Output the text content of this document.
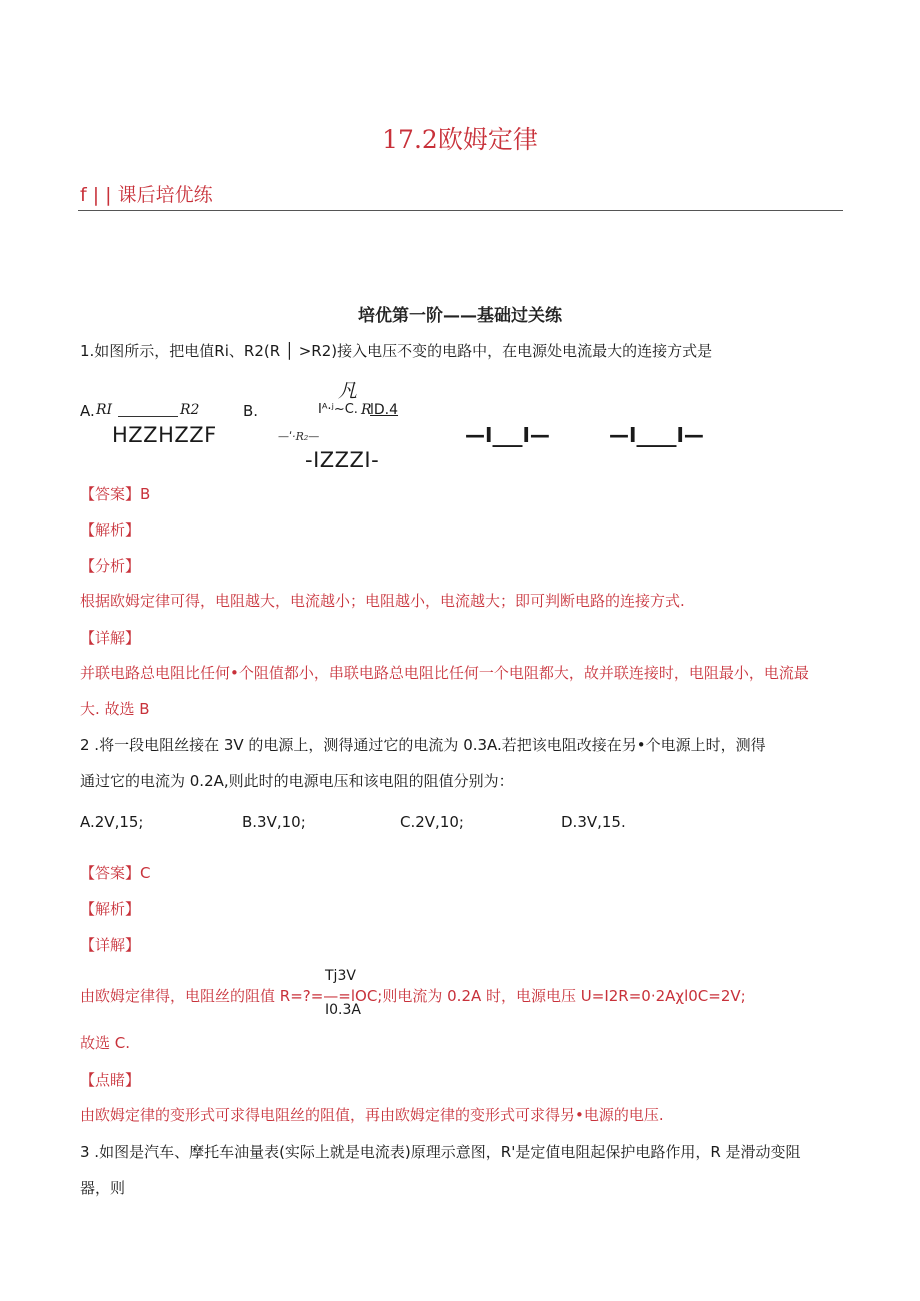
17.2欧姆定律
f | | 课后培优练
培优第一阶——基础过关练
1.如图所示，把电值Ri、R2(R │ >R2)接入电压不变的电路中，在电源处电流最大的连接方式是
凡
A. RI	R2
HZZHZZF
B.	Iᴬ·ʲ~C. R
lD.4
—ˈ·R₂—
-IZZZI-
—I___I—	—I____I—
【答案】B
【解析】
【分析】
根据欧姆定律可得，电阻越大，电流越小；电阻越小，电流越大；即可判断电路的连接方式.
【详解】
并联电路总电阻比任何•个阻值都小，串联电路总电阻比任何一个电阻都大，故并联连接时，电阻最小，电流最
大. 故选 B
2 .将一段电阻丝接在 3V 的电源上，测得通过它的电流为 0.3A.若把该电阻改接在另•个电源上时，测得
通过它的电流为 0.2A,则此时的电源电压和该电阻的阻值分别为：
A.2V,15;	B.3V,10;	C.2V,10;	D.3V,15.
【答案】C
【解析】
【详解】
Tj3V
由欧姆定律得，电阻丝的阻值 R=?=—=lOC;则电流为 0.2A 时，电源电压 U=I2R=0·2Aχl0C=2V;
I0.3A
故选 C.
【点睹】
由欧姆定律的变形式可求得电阻丝的阻值，再由欧姆定律的变形式可求得另•电源的电压.
3 .如图是汽车、摩托车油量表(实际上就是电流表)原理示意图，R'是定值电阻起保护电路作用，R 是滑动变阻
器，则
